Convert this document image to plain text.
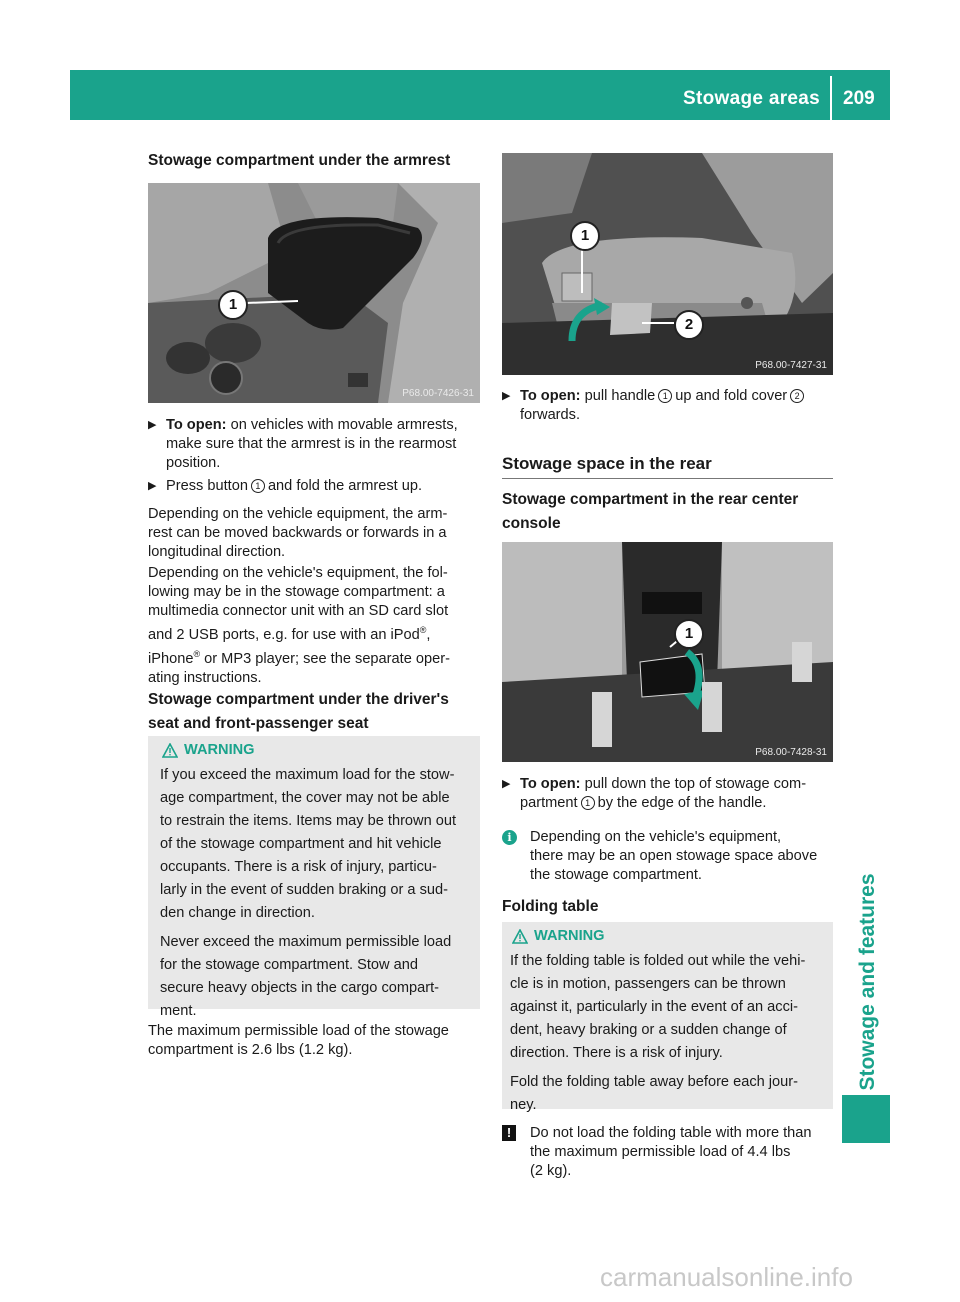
Stowage areas 209
Stowage and features
Stowage compartment under the armrest
1
P68.00-7426-31
▶ To open: on vehicles with movable armrests,
make sure that the armrest is in the rearmost
position.
▶ Press button 1 and fold the armrest up.
Depending on the vehicle equipment, the arm-
rest can be moved backwards or forwards in a
longitudinal direction.
Depending on the vehicle's equipment, the fol-
lowing may be in the stowage compartment: a
multimedia connector unit with an SD card slot
and 2 USB ports, e.g. for use with an iPod®,
iPhone® or MP3 player; see the separate oper-
ating instructions.
Stowage compartment under the driver's
seat and front-passenger seat
WARNING
If you exceed the maximum load for the stow-
age compartment, the cover may not be able
to restrain the items. Items may be thrown out
of the stowage compartment and hit vehicle
occupants. There is a risk of injury, particu-
larly in the event of sudden braking or a sud-
den change in direction.
Never exceed the maximum permissible load
for the stowage compartment. Stow and
secure heavy objects in the cargo compart-
ment.
The maximum permissible load of the stowage
compartment is 2.6 lbs (1.2 kg).
1
2
P68.00-7427-31
▶ To open: pull handle 1 up and fold cover 2
forwards.
Stowage space in the rear
Stowage compartment in the rear center
console
1
P68.00-7428-31
▶ To open: pull down the top of stowage com-
partment 1 by the edge of the handle.
i	Depending on the vehicle's equipment,
there may be an open stowage space above
the stowage compartment.
Folding table
WARNING
If the folding table is folded out while the vehi-
cle is in motion, passengers can be thrown
against it, particularly in the event of an acci-
dent, heavy braking or a sudden change of
direction. There is a risk of injury.
Fold the folding table away before each jour-
ney.
!	Do not load the folding table with more than
the maximum permissible load of 4.4 lbs
(2 kg).
carmanualsonline.info
